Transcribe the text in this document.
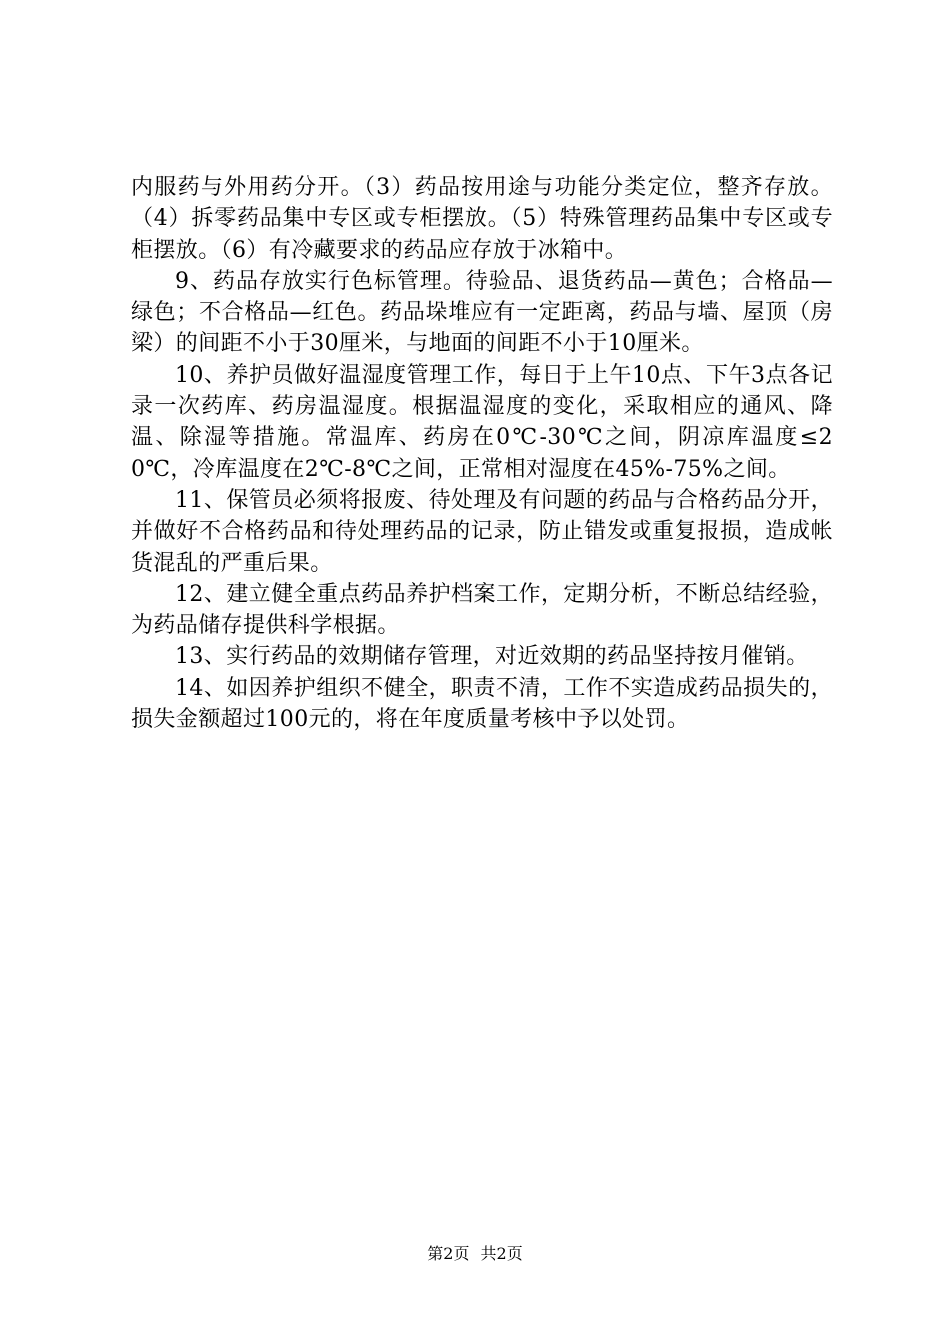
内服药与外用药分开。（3）药品按用途与功能分类定位，整齐存放。（4）拆零药品集中专区或专柜摆放。（5）特殊管理药品集中专区或专柜摆放。（6）有冷藏要求的药品应存放于冰箱中。

9、药品存放实行色标管理。待验品、退货药品—黄色；合格品—绿色；不合格品—红色。药品垛堆应有一定距离，药品与墙、屋顶（房梁）的间距不小于30厘米，与地面的间距不小于10厘米。

10、养护员做好温湿度管理工作，每日于上午10点、下午3点各记录一次药库、药房温湿度。根据温湿度的变化，采取相应的通风、降温、除湿等措施。常温库、药房在0℃-30℃之间，阴凉库温度≤20℃，冷库温度在2℃-8℃之间，正常相对湿度在45%-75%之间。

11、保管员必须将报废、待处理及有问题的药品与合格药品分开，并做好不合格药品和待处理药品的记录，防止错发或重复报损，造成帐货混乱的严重后果。

12、建立健全重点药品养护档案工作，定期分析，不断总结经验，为药品储存提供科学根据。

13、实行药品的效期储存管理，对近效期的药品坚持按月催销。

14、如因养护组织不健全，职责不清，工作不实造成药品损失的，损失金额超过100元的，将在年度质量考核中予以处罚。

第2页 共2页
